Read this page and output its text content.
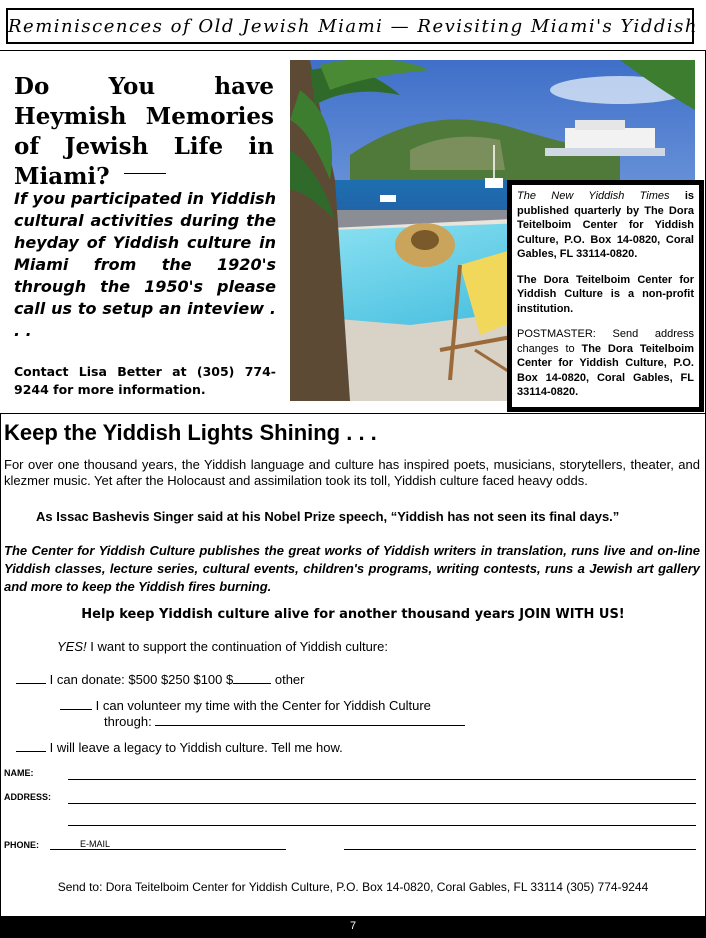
Reminiscences of Old Jewish Miami — Revisiting Miami's Yiddish
Do You have Heymish Memories of Jewish Life in Miami?
If you participated in Yiddish cultural activities during the heyday of Yiddish culture in Miami from the 1920's through the 1950's please call us to setup an inteview . . .
Contact Lisa Better at (305) 774-9244 for more information.

The New Yiddish Times is published quarterly by The Dora Teitelboim Center for Yiddish Culture, P.O. Box 14-0820, Coral Gables, FL 33114-0820.

The Dora Teitelboim Center for Yiddish Culture is a non-profit institution.

POSTMASTER: Send address changes to The Dora Teitelboim Center for Yiddish Culture, P.O. Box 14-0820, Coral Gables, FL 33114-0820.

Keep the Yiddish Lights Shining . . .
For over one thousand years, the Yiddish language and culture has inspired poets, musicians, storytellers, theater, and klezmer music. Yet after the Holocaust and assimilation took its toll, Yiddish culture faced heavy odds.
As Issac Bashevis Singer said at his Nobel Prize speech, “Yiddish has not seen its final days.”
The Center for Yiddish Culture publishes the great works of Yiddish writers in translation, runs live and on-line Yiddish classes, lecture series, cultural events, children's programs, writing contests, runs a Jewish art gallery and more to keep the Yiddish fires burning.
Help keep Yiddish culture alive for another thousand years JOIN WITH US!
YES! I want to support the continuation of Yiddish culture:
I can donate: $500 $250 $100 $	other
I can volunteer my time with the Center for Yiddish Culture
through:
I will leave a legacy to Yiddish culture. Tell me how.
NAME:
ADDRESS:
PHONE:	E-MAIL
Send to: Dora Teitelboim Center for Yiddish Culture, P.O. Box 14-0820, Coral Gables, FL 33114 (305) 774-9244
7
